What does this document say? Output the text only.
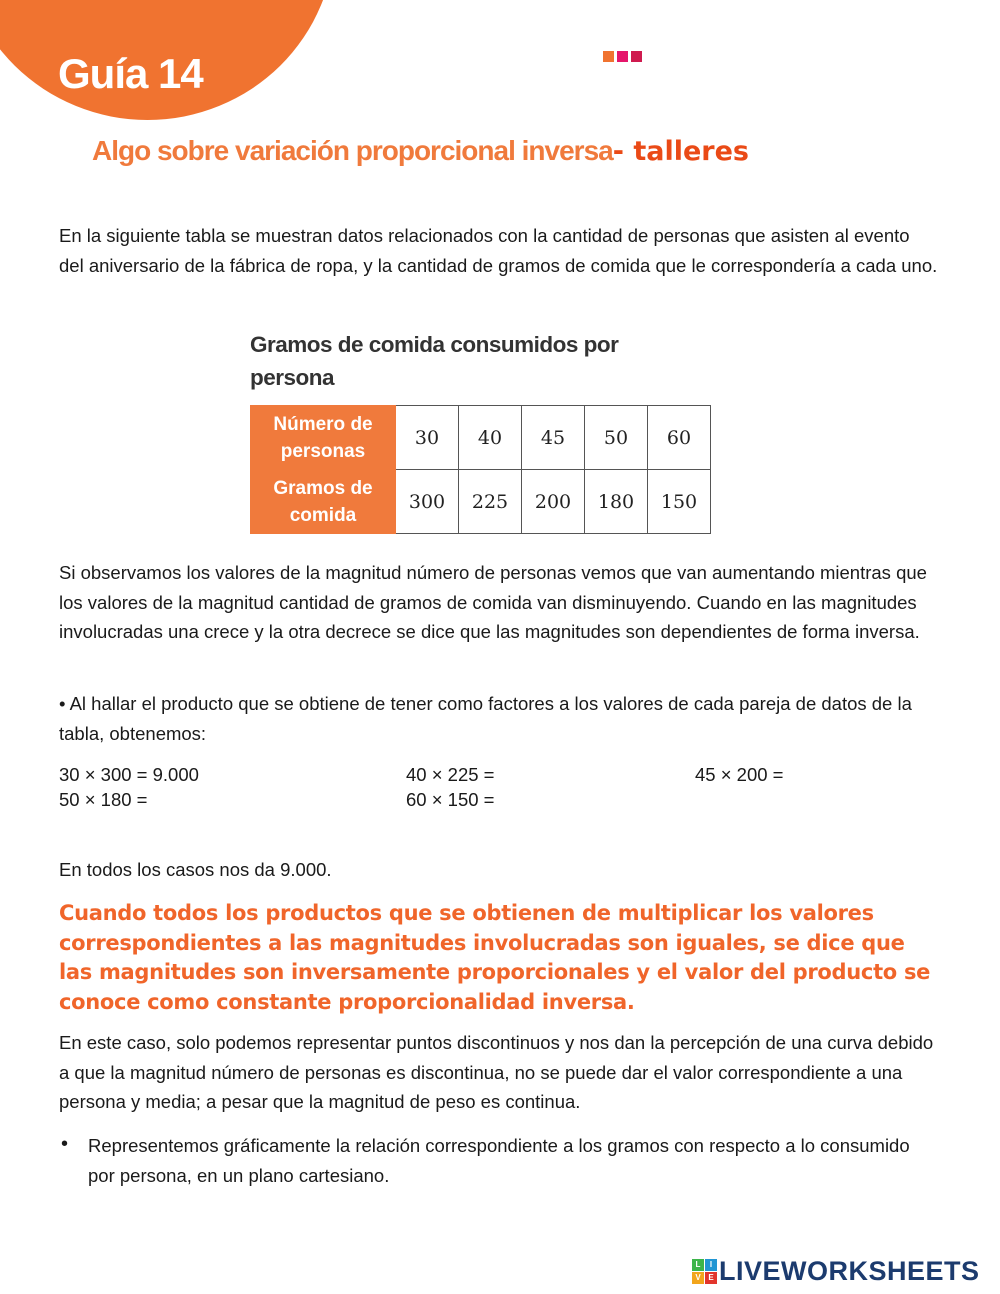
Guía 14
Algo sobre variación proporcional inversa- talleres
En la siguiente tabla se muestran datos relacionados con la cantidad de personas que asisten al evento del aniversario de la fábrica de ropa, y la cantidad de gramos de comida que le correspondería a cada uno.
Gramos de comida consumidos por
persona
Número de
personas	30	40	45	50	60

Gramos de
comida	300	225	200	180	150
Si observamos los valores de la magnitud número de personas vemos que van aumentando mientras que los valores de la magnitud cantidad de gramos de comida van disminuyendo. Cuando en las magnitudes involucradas una crece y la otra decrece se dice que las magnitudes son dependientes de forma inversa.
• Al hallar el producto que se obtiene de tener como factores a los valores de cada pareja de datos de la tabla, obtenemos:
30 × 300 = 9.000	40 × 225 =	45 × 200 =
50 × 180 =	60 × 150 =
En todos los casos nos da 9.000.
Cuando todos los productos que se obtienen de multiplicar los valores correspondientes a las magnitudes involucradas son iguales, se dice que las magnitudes son inversamente proporcionales y el valor del producto se conoce como constante proporcionalidad inversa.
En este caso, solo podemos representar puntos discontinuos y nos dan la percepción de una curva debido a que la magnitud número de personas es discontinua, no se puede dar el valor correspondiente a una persona y media; a pesar que la magnitud de peso es continua.
• Representemos gráficamente la relación correspondiente a los gramos con respecto a lo consumido por persona, en un plano cartesiano.
L	I
V E LIVEWORKSHEETS
